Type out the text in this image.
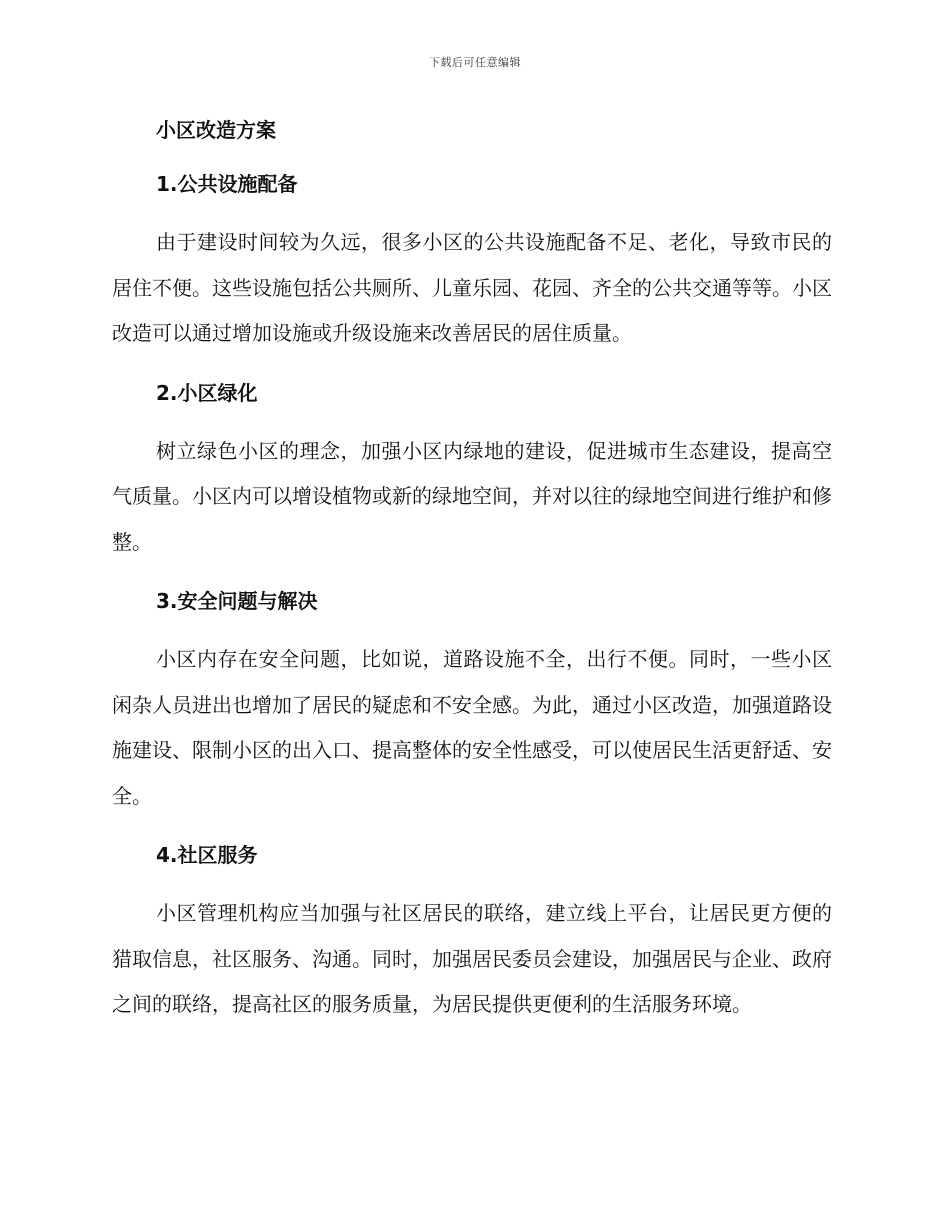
下载后可任意编辑
小区改造方案
1.公共设施配备

由于建设时间较为久远，很多小区的公共设施配备不足、老化，导致市民的居住不便。这些设施包括公共厕所、儿童乐园、花园、齐全的公共交通等等。小区改造可以通过增加设施或升级设施来改善居民的居住质量。

2.小区绿化

树立绿色小区的理念，加强小区内绿地的建设，促进城市生态建设，提高空气质量。小区内可以增设植物或新的绿地空间，并对以往的绿地空间进行维护和修整。

3.安全问题与解决

小区内存在安全问题，比如说，道路设施不全，出行不便。同时，一些小区闲杂人员进出也增加了居民的疑虑和不安全感。为此，通过小区改造，加强道路设施建设、限制小区的出入口、提高整体的安全性感受，可以使居民生活更舒适、安全。

4.社区服务

小区管理机构应当加强与社区居民的联络，建立线上平台，让居民更方便的猎取信息，社区服务、沟通。同时，加强居民委员会建设，加强居民与企业、政府之间的联络，提高社区的服务质量，为居民提供更便利的生活服务环境。
